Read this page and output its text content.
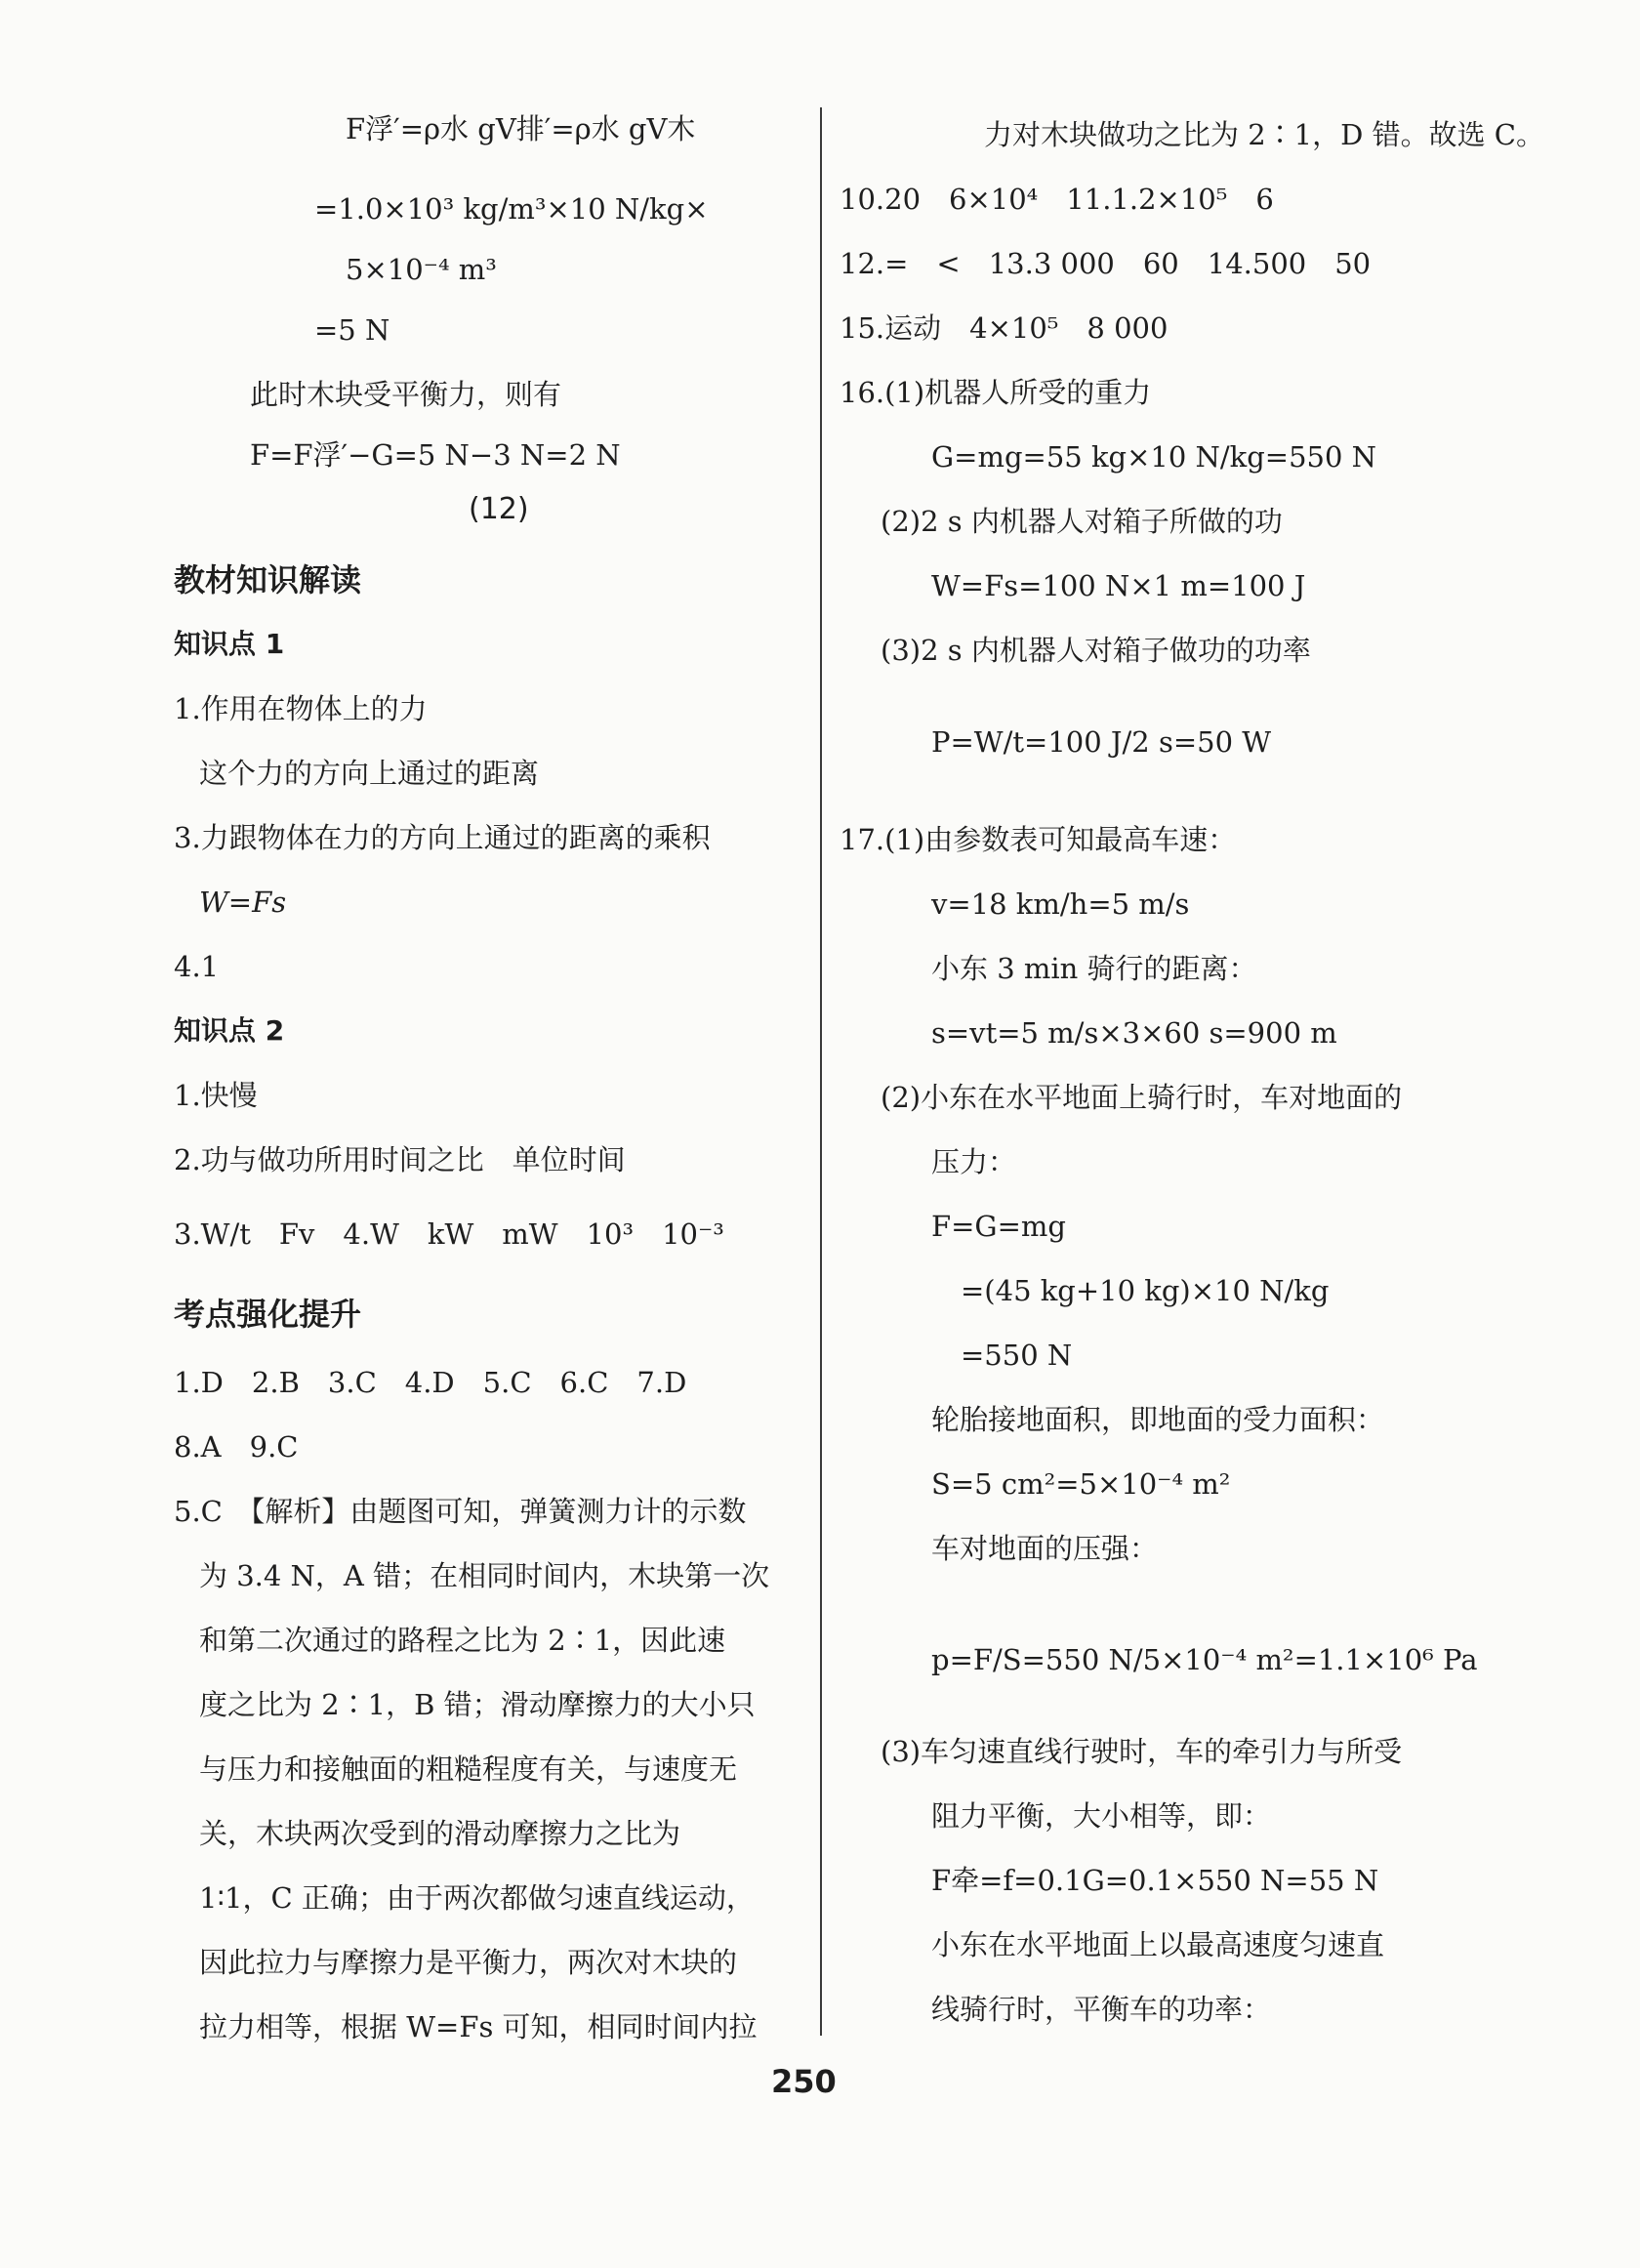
F浮′=ρ水 gV排′=ρ水 gV木
=1.0×10³ kg/m³×10 N/kg×
5×10⁻⁴ m³
=5 N
此时木块受平衡力，则有
F=F浮′−G=5 N−3 N=2 N
(12)
教材知识解读
知识点 1
1.作用在物体上的力
这个力的方向上通过的距离
3.力跟物体在力的方向上通过的距离的乘积
W=Fs
4.1
知识点 2
1.快慢
2.功与做功所用时间之比　单位时间
3.W/t　Fv　4.W　kW　mW　10³　10⁻³
考点强化提升
1.D　2.B　3.C　4.D　5.C　6.C　7.D
8.A　9.C
5.C　【解析】由题图可知，弹簧测力计的示数
为 3.4 N，A 错；在相同时间内，木块第一次
和第二次通过的路程之比为 2∶1，因此速
度之比为 2∶1，B 错；滑动摩擦力的大小只
与压力和接触面的粗糙程度有关，与速度无
关，木块两次受到的滑动摩擦力之比为
1∶1，C 正确；由于两次都做匀速直线运动，
因此拉力与摩擦力是平衡力，两次对木块的
拉力相等，根据 W=Fs 可知，相同时间内拉
力对木块做功之比为 2∶1，D 错。故选 C。
10.20　6×10⁴　11.1.2×10⁵　6
12.=　<　13.3 000　60　14.500　50
15.运动　4×10⁵　8 000
16.(1)机器人所受的重力
G=mg=55 kg×10 N/kg=550 N
(2)2 s 内机器人对箱子所做的功
W=Fs=100 N×1 m=100 J
(3)2 s 内机器人对箱子做功的功率
P=W/t=100 J/2 s=50 W
17.(1)由参数表可知最高车速：
v=18 km/h=5 m/s
小东 3 min 骑行的距离：
s=vt=5 m/s×3×60 s=900 m
(2)小东在水平地面上骑行时，车对地面的
压力：
F=G=mg
=(45 kg+10 kg)×10 N/kg
=550 N
轮胎接地面积，即地面的受力面积：
S=5 cm²=5×10⁻⁴ m²
车对地面的压强：
p=F/S=550 N/5×10⁻⁴ m²=1.1×10⁶ Pa
(3)车匀速直线行驶时，车的牵引力与所受
阻力平衡，大小相等，即：
F牵=f=0.1G=0.1×550 N=55 N
小东在水平地面上以最高速度匀速直
线骑行时，平衡车的功率：
250
